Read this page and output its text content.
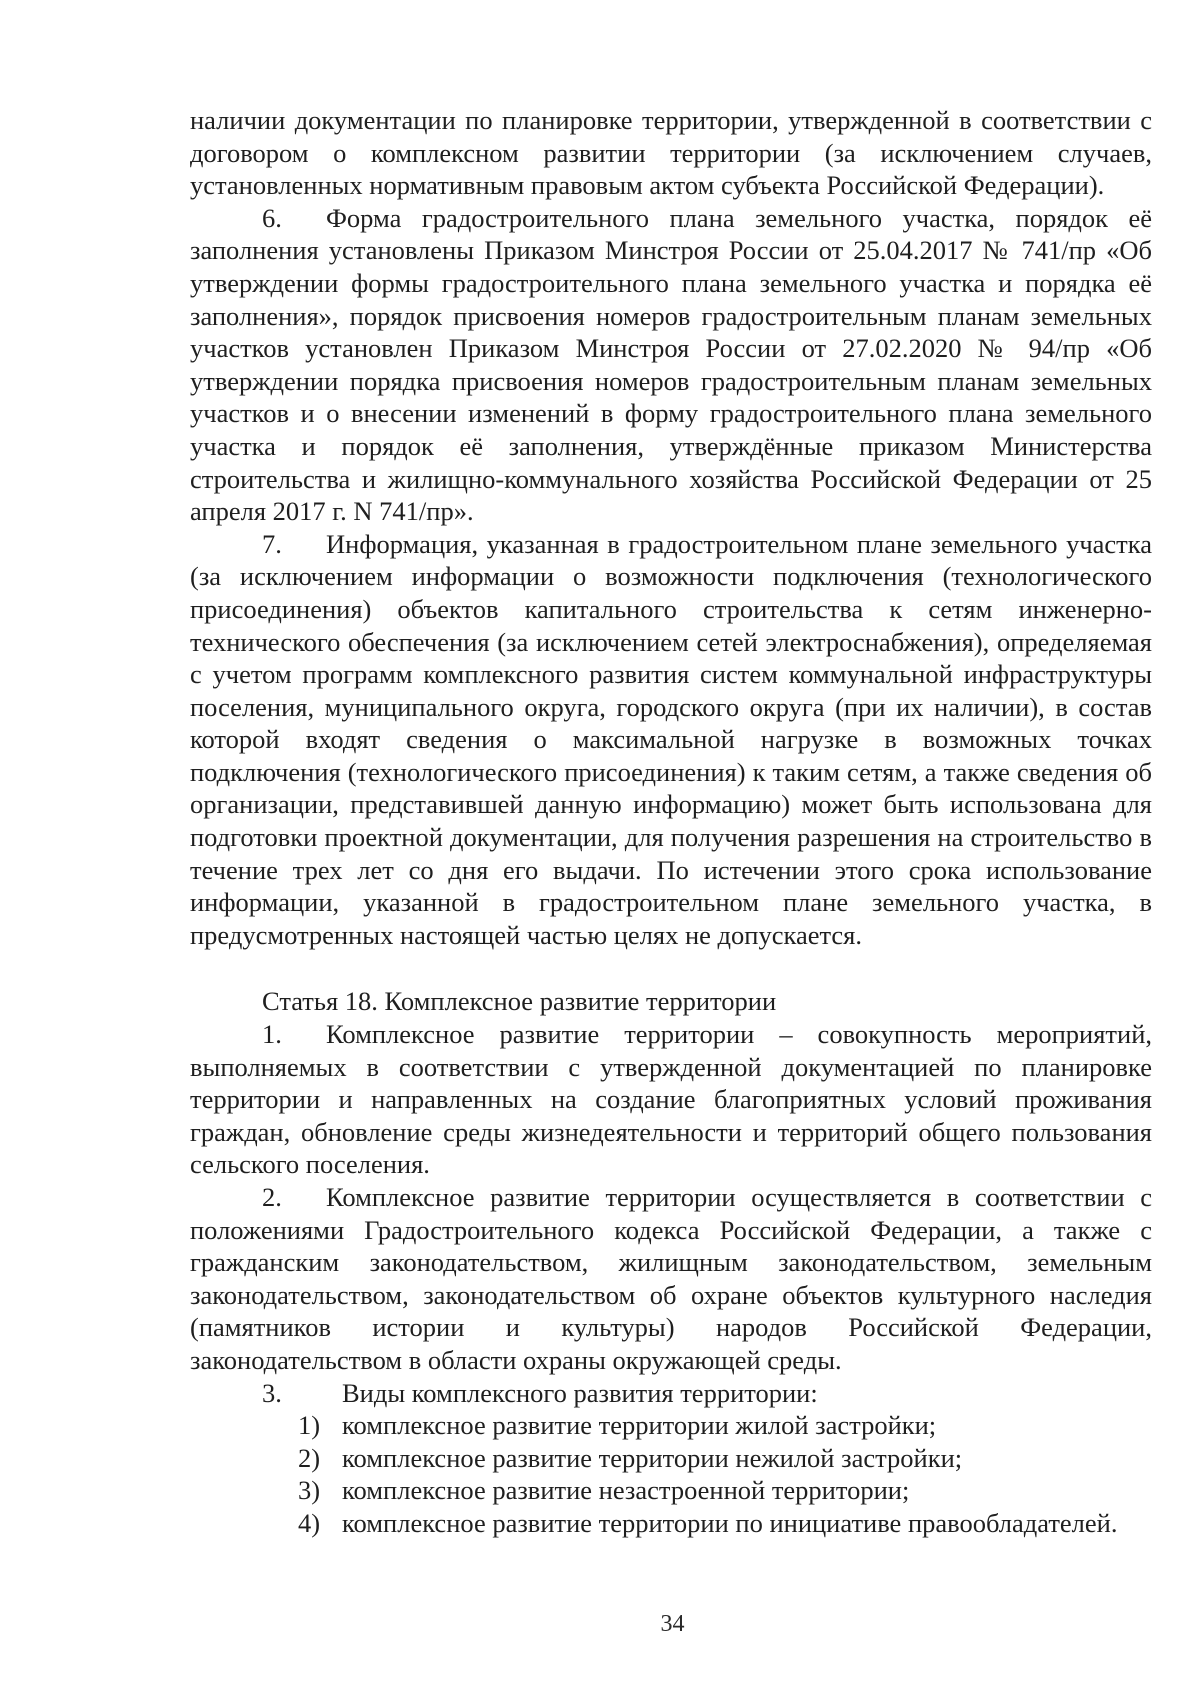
наличии документации по планировке территории, утвержденной в соответствии с договором о комплексном развитии территории (за исключением случаев, установленных нормативным правовым актом субъекта Российской Федерации).

6. Форма градостроительного плана земельного участка, порядок её заполнения установлены Приказом Минстроя России от 25.04.2017 № 741/пр «Об утверждении формы градостроительного плана земельного участка и порядка её заполнения», порядок присвоения номеров градостроительным планам земельных участков установлен Приказом Минстроя России от 27.02.2020 № 94/пр «Об утверждении порядка присвоения номеров градостроительным планам земельных участков и о внесении изменений в форму градостроительного плана земельного участка и порядок её заполнения, утверждённые приказом Министерства строительства и жилищно-коммунального хозяйства Российской Федерации от 25 апреля 2017 г. N 741/пр».

7. Информация, указанная в градостроительном плане земельного участка (за исключением информации о возможности подключения (технологического присоединения) объектов капитального строительства к сетям инженерно-технического обеспечения (за исключением сетей электроснабжения), определяемая с учетом программ комплексного развития систем коммунальной инфраструктуры поселения, муниципального округа, городского округа (при их наличии), в состав которой входят сведения о максимальной нагрузке в возможных точках подключения (технологического присоединения) к таким сетям, а также сведения об организации, представившей данную информацию) может быть использована для подготовки проектной документации, для получения разрешения на строительство в течение трех лет со дня его выдачи. По истечении этого срока использование информации, указанной в градостроительном плане земельного участка, в предусмотренных настоящей частью целях не допускается.

Статья 18. Комплексное развитие территории

1. Комплексное развитие территории – совокупность мероприятий, выполняемых в соответствии с утвержденной документацией по планировке территории и направленных на создание благоприятных условий проживания граждан, обновление среды жизнедеятельности и территорий общего пользования сельского поселения.

2. Комплексное развитие территории осуществляется в соответствии с положениями Градостроительного кодекса Российской Федерации, а также с гражданским законодательством, жилищным законодательством, земельным законодательством, законодательством об охране объектов культурного наследия (памятников истории и культуры) народов Российской Федерации, законодательством в области охраны окружающей среды.

3.	Виды комплексного развития территории:
1) комплексное развитие территории жилой застройки;
2) комплексное развитие территории нежилой застройки;
3) комплексное развитие незастроенной территории;
4) комплексное развитие территории по инициативе правообладателей.
34
